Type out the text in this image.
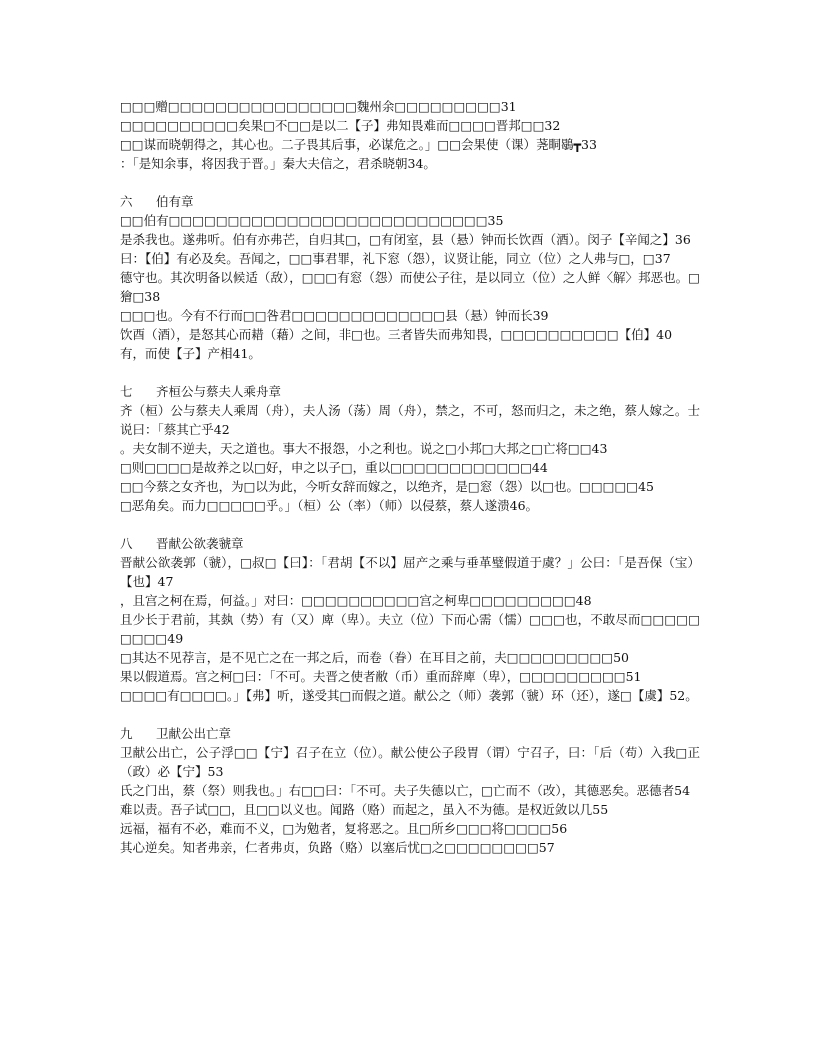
□□□赠□□□□□□□□□□□□□□□□魏州余□□□□□□□□□31

□□□□□□□□□□矣果□不□□是以二【子】弗知畏难而□□□□晋邦□□32

□□谋而晓朝得之，其心也。二子畏其后事，必谋危之。」□□会果使（课）荛眮鶡┳33

：「是知余事，将因我于晋。」秦大夫信之，君杀晓朝34。

六 伯有章

□□伯有□□□□□□□□□□□□□□□□□□□□□□□□□□□35

是杀我也。遂弗听。伯有亦弗芒，自归其□，□有闭室，县（悬）钟而长饮酉（酒）。闵子【辛闻之】36

曰：【伯】有必及矣。吾闻之，□□事君罪，礼下窓（怨），议贤让能，同立（位）之人弗与□，□37

德守也。其次明备以候适（敌），□□□有窓（怨）而使公子往，是以同立（位）之人鲜〈解〉邦恶也。□獪□38

□□□也。今有不行而□□咎君□□□□□□□□□□□□□县（悬）钟而长39

饮酉（酒），是怒其心而耤（藉）之间，非□也。三者皆失而弗知畏，□□□□□□□□□□【伯】40

有，而使【子】产相41。

七 齐桓公与蔡夫人乘舟章

齐（桓）公与蔡夫人乘周（舟），夫人汤（荡）周（舟），禁之，不可，怒而归之，未之绝，蔡人嫁之。士说曰：「蔡其亡乎42

。夫女制不逆夫，天之道也。事大不报怨，小之利也。说之□小邦□大邦之□亡将□□43

□则□□□□是故养之以□好，申之以子□，重以□□□□□□□□□□□□44

□□今蔡之女齐也，为□以为此，今听女辞而嫁之，以绝齐，是□窓（怨）以□也。□□□□□45

□恶角矣。而力□□□□□乎。」（桓）公（率）（师）以侵蔡，蔡人遂溃46。

八 晋献公欲袭虢章

晋献公欲袭郭（虢），□叔□【曰】：「君胡【不以】屈产之乘与垂革璧假道于虞？」公曰：「是吾保（宝）【也】47

，且宫之柯在焉，何益。」对曰：□□□□□□□□□□宫之柯卑□□□□□□□□□48

且少长于君前，其埶（势）有（又）庳（卑）。夫立（位）下而心需（懦）□□□也，不敢尽而□□□□□□□□□49

□其达不见荐言，是不见亡之在一邦之后，而卷（眷）在耳目之前，夫□□□□□□□□□50

果以假道焉。宫之柯□曰：「不可。夫晋之使者敝（币）重而辞庳（卑），□□□□□□□□□51

□□□□有□□□□。」【弗】听，遂受其□而假之道。献公之（师）袭郭（虢）环（还），遂□【虞】52。

九 卫献公出亡章

卫献公出亡，公子浮□□【宁】召子在立（位）。献公使公子段胃（谓）宁召子，曰：「后（苟）入我□正（政）必【宁】53

氏之门出，蔡（祭）则我也。」右□□曰：「不可。夫子失德以亡，□亡而不（改），其德恶矣。恶德者54

难以责。吾子试□□，且□□以义也。闻路（赂）而起之，虽入不为德。是权近敛以几55

远福，福有不必，难而不义，□为勉者，复将恶之。且□所乡□□□将□□□□56

其心逆矣。知者弗亲，仁者弗贞，负路（赂）以塞后忧□之□□□□□□□□57
